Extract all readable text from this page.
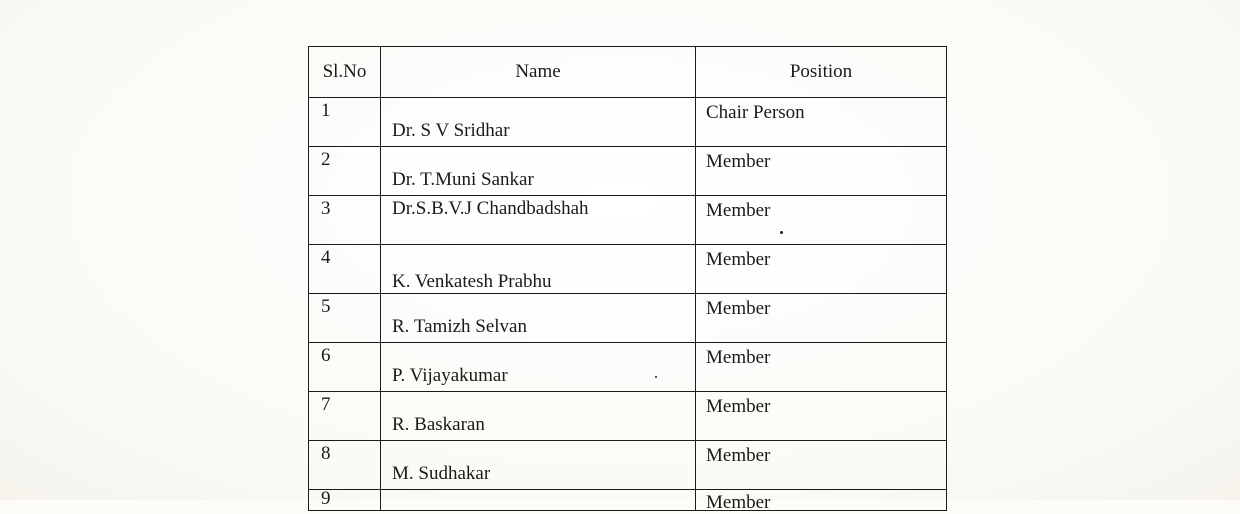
Sl.No	Name	Position

1	Dr. S V Sridhar	Chair Person

2	Dr. T.Muni Sankar	Member

3	Dr.S.B.V.J Chandbadshah	Member

4	K. Venkatesh Prabhu	Member

5	R. Tamizh Selvan	Member

6	P. Vijayakumar	Member

7	R. Baskaran	Member

8	M. Sudhakar	Member

9		Member
